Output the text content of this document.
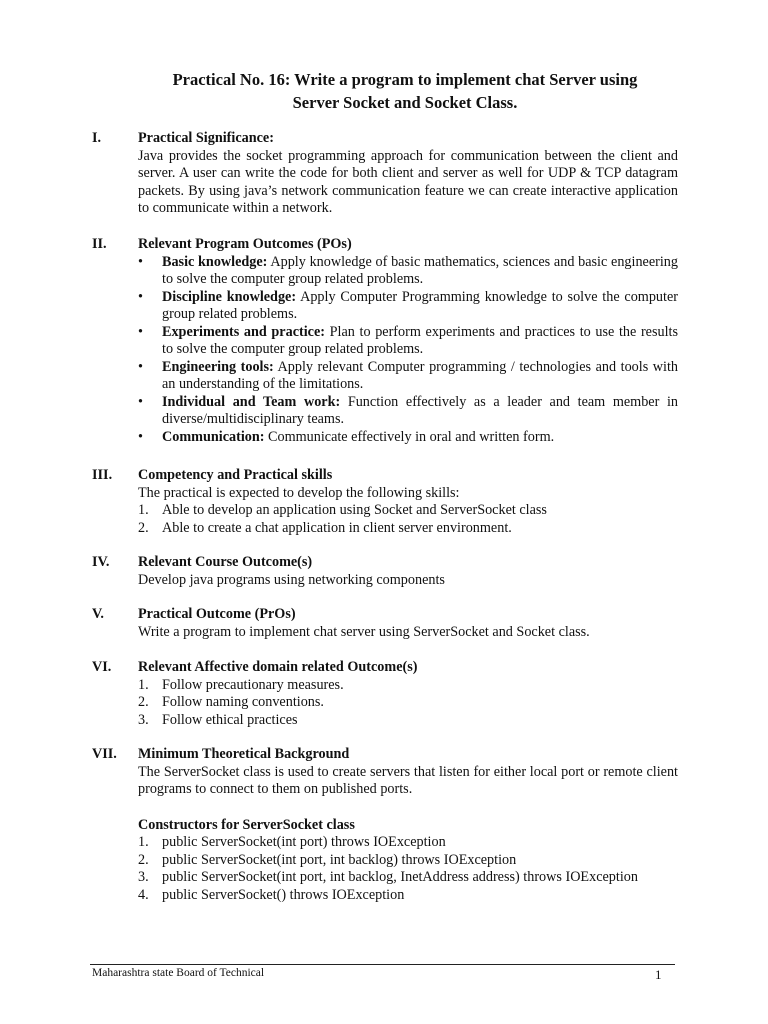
Practical No. 16: Write a program to implement chat Server using
Server Socket and Socket Class.
I.	Practical Significance:
Java provides the socket programming approach for communication between the client and server. A user can write the code for both client and server as well for UDP & TCP datagram packets. By using java’s network communication feature we can create interactive application to communicate within a network.
II. Relevant Program Outcomes (POs)
• Basic knowledge: Apply knowledge of basic mathematics, sciences and basic engineering to solve the computer group related problems.
• Discipline knowledge: Apply Computer Programming knowledge to solve the computer group related problems.
• Experiments and practice: Plan to perform experiments and practices to use the results to solve the computer group related problems.
• Engineering tools: Apply relevant Computer programming / technologies and tools with an understanding of the limitations.
• Individual and Team work: Function effectively as a leader and team member in diverse/multidisciplinary teams.
• Communication: Communicate effectively in oral and written form.
III. Competency and Practical skills
The practical is expected to develop the following skills:
1. Able to develop an application using Socket and ServerSocket class
2. Able to create a chat application in client server environment.
IV. Relevant Course Outcome(s)
Develop java programs using networking components
V. Practical Outcome (PrOs)
Write a program to implement chat server using ServerSocket and Socket class.
VI. Relevant Affective domain related Outcome(s)
1. Follow precautionary measures.
2. Follow naming conventions.
3. Follow ethical practices
VII. Minimum Theoretical Background
The ServerSocket class is used to create servers that listen for either local port or remote client programs to connect to them on published ports.
Constructors for ServerSocket class
1. public ServerSocket(int port) throws IOException
2. public ServerSocket(int port, int backlog) throws IOException
3. public ServerSocket(int port, int backlog, InetAddress address) throws IOException
4. public ServerSocket() throws IOException
Maharashtra state Board of Technical	1
